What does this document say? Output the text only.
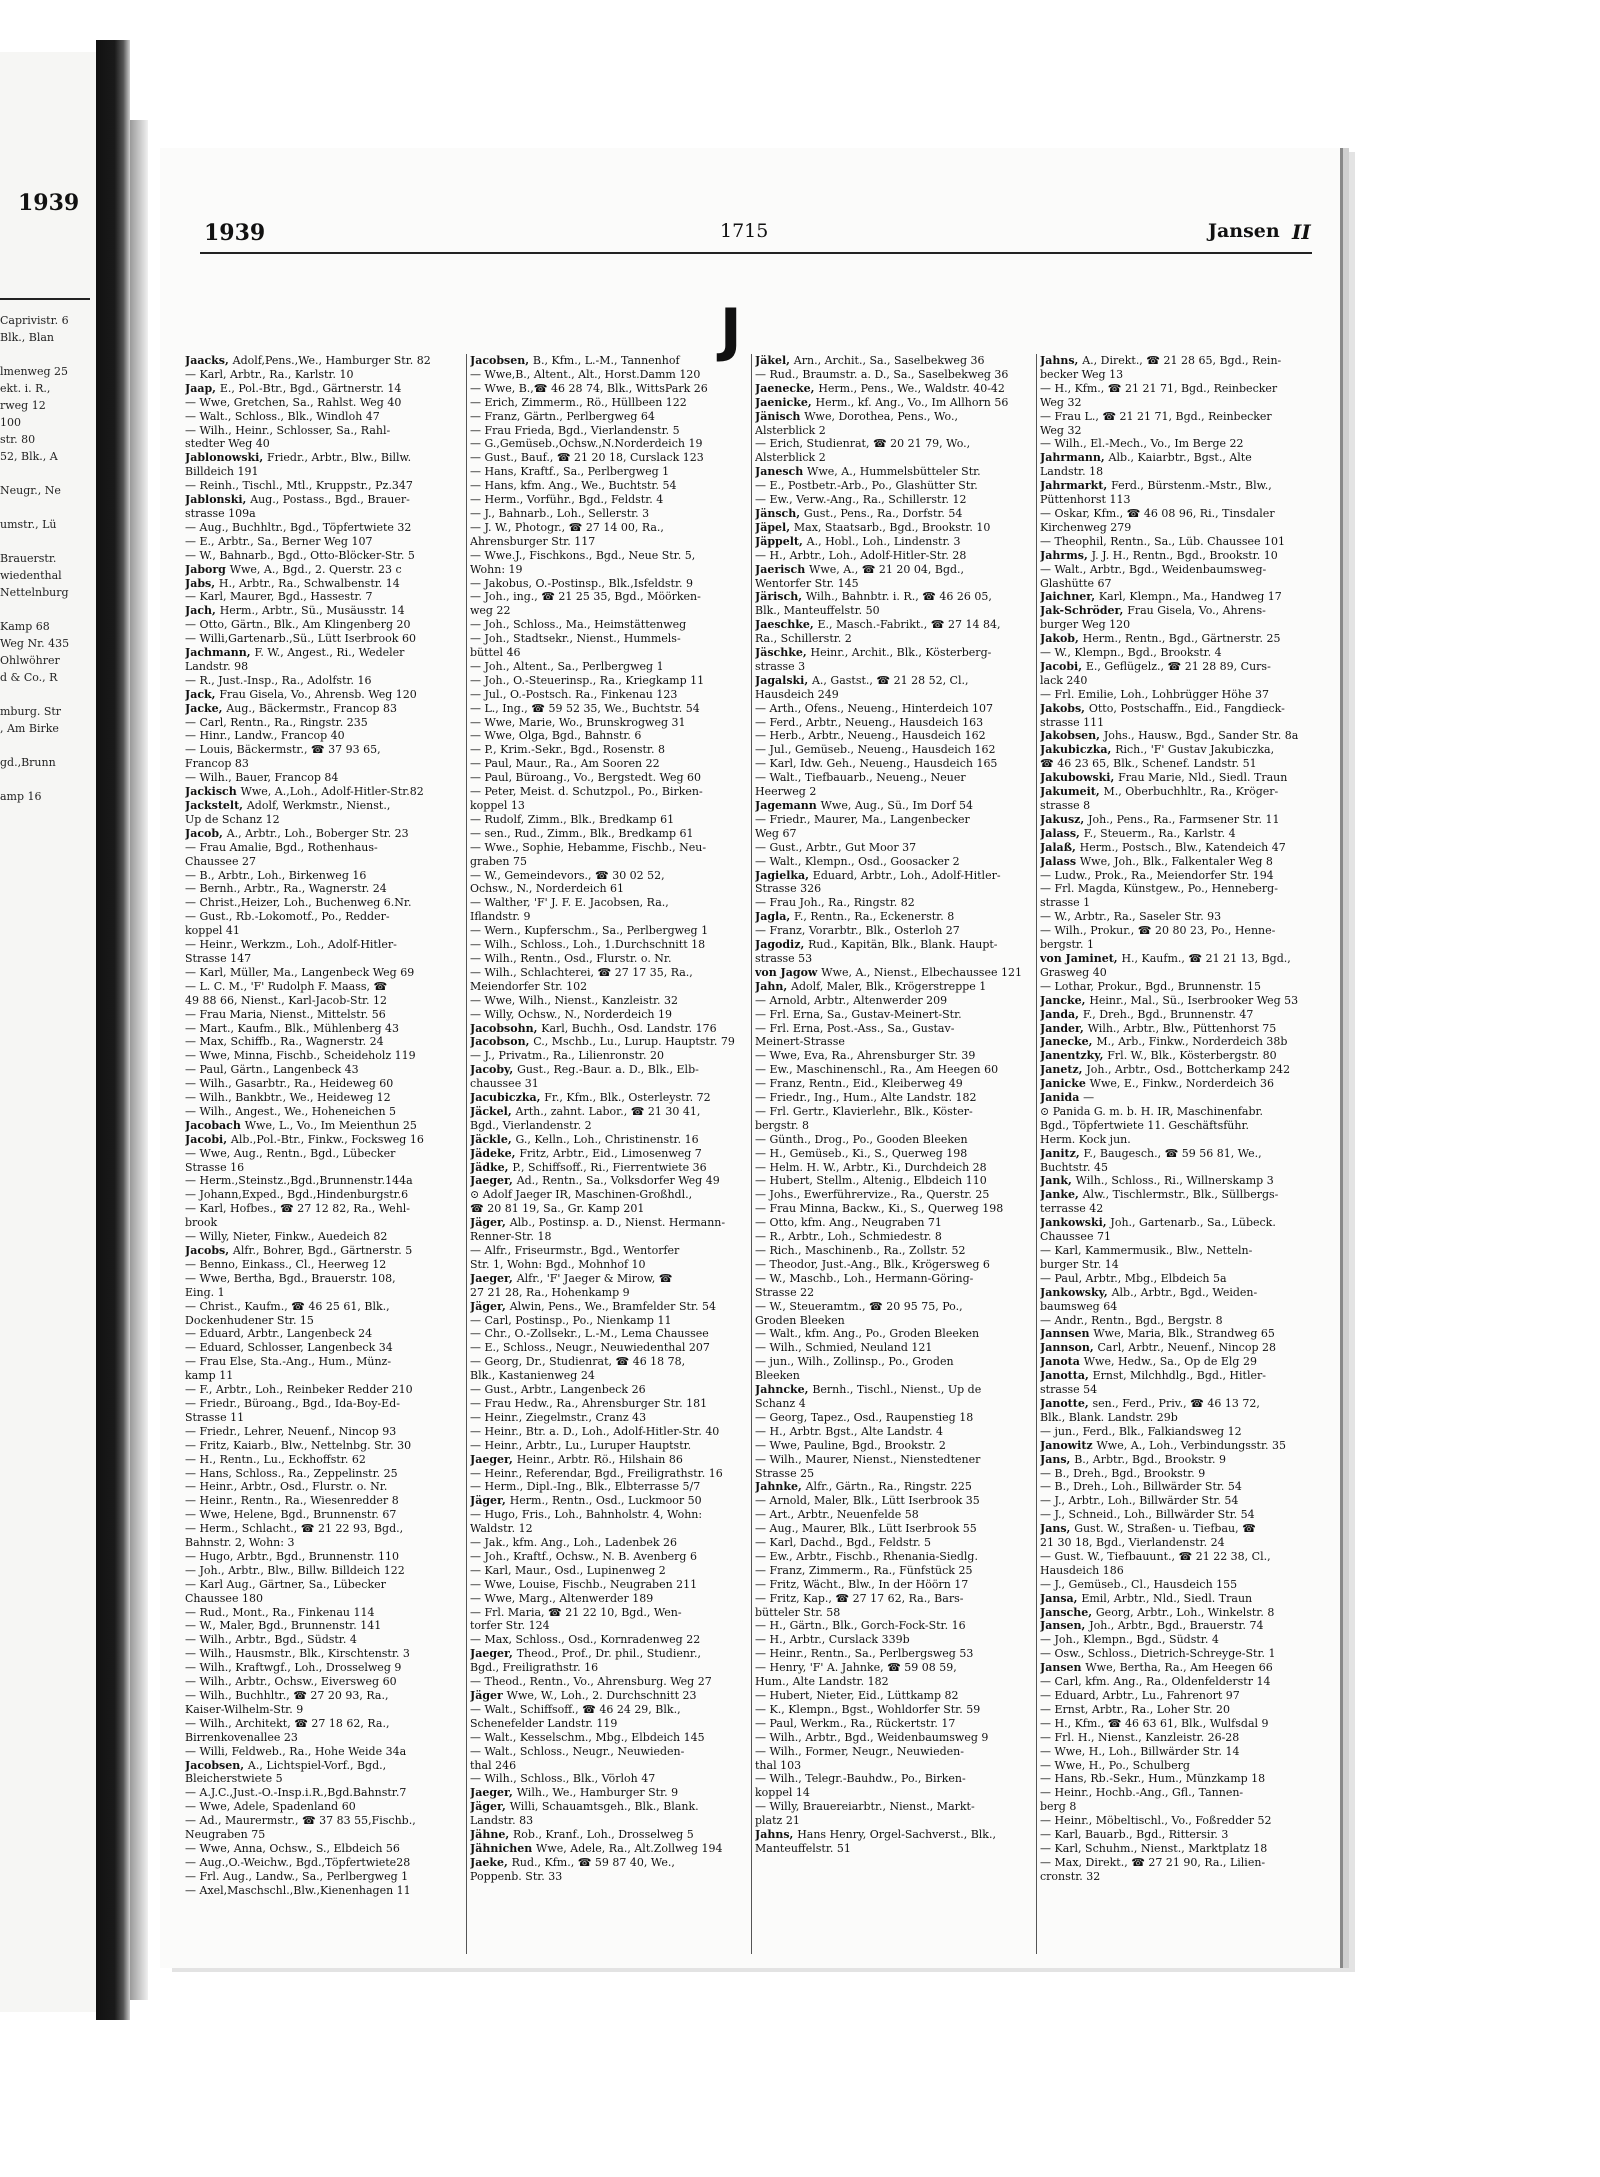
1939
Caprivistr. 6
Blk., Blan
lmenweg 25
ekt. i. R.,
rweg 12
100
str. 80
52, Blk., A
Neugr., Ne
umstr., Lü
Brauerstr.
wiedenthal
Nettelnburg
Kamp 68
Weg Nr. 435
Ohlwöhrer
d & Co., R
mburg. Str
, Am Birke
gd.,Brunn
amp 16
1939	1715	Jansen II
J
Jaacks, Adolf,Pens.,We., Hamburger Str. 82
— Karl, Arbtr., Ra., Karlstr. 10
Jaap, E., Pol.-Btr., Bgd., Gärtnerstr. 14
— Wwe, Gretchen, Sa., Rahlst. Weg 40
— Walt., Schloss., Blk., Windloh 47
— Wilh., Heinr., Schlosser, Sa., Rahl-
stedter Weg 40
Jablonowski, Friedr., Arbtr., Blw., Billw.
Billdeich 191
— Reinh., Tischl., Mtl., Kruppstr., Pz.347
Jablonski, Aug., Postass., Bgd., Brauer-
strasse 109a
— Aug., Buchhltr., Bgd., Töpfertwiete 32
— E., Arbtr., Sa., Berner Weg 107
— W., Bahnarb., Bgd., Otto-Blöcker-Str. 5
Jaborg Wwe, A., Bgd., 2. Querstr. 23 c
Jabs, H., Arbtr., Ra., Schwalbenstr. 14
— Karl, Maurer, Bgd., Hassestr. 7
Jach, Herm., Arbtr., Sü., Musäusstr. 14
— Otto, Gärtn., Blk., Am Klingenberg 20
— Willi,Gartenarb.,Sü., Lütt Iserbrook 60
Jachmann, F. W., Angest., Ri., Wedeler
Landstr. 98
— R., Just.-Insp., Ra., Adolfstr. 16
Jack, Frau Gisela, Vo., Ahrensb. Weg 120
Jacke, Aug., Bäckermstr., Francop 83
— Carl, Rentn., Ra., Ringstr. 235
— Hinr., Landw., Francop 40
— Louis, Bäckermstr., ☎ 37 93 65,
Francop 83
— Wilh., Bauer, Francop 84
Jackisch Wwe, A.,Loh., Adolf-Hitler-Str.82
Jackstelt, Adolf, Werkmstr., Nienst.,
Up de Schanz 12
Jacob, A., Arbtr., Loh., Boberger Str. 23
— Frau Amalie, Bgd., Rothenhaus-
Chaussee 27
— B., Arbtr., Loh., Birkenweg 16
— Bernh., Arbtr., Ra., Wagnerstr. 24
— Christ.,Heizer, Loh., Buchenweg 6.Nr.
— Gust., Rb.-Lokomotf., Po., Redder-
koppel 41
— Heinr., Werkzm., Loh., Adolf-Hitler-
Strasse 147
— Karl, Müller, Ma., Langenbeck Weg 69
— L. C. M., 'F' Rudolph F. Maass, ☎
49 88 66, Nienst., Karl-Jacob-Str. 12
— Frau Maria, Nienst., Mittelstr. 56
— Mart., Kaufm., Blk., Mühlenberg 43
— Max, Schiffb., Ra., Wagnerstr. 24
— Wwe, Minna, Fischb., Scheideholz 119
— Paul, Gärtn., Langenbeck 43
— Wilh., Gasarbtr., Ra., Heideweg 60
— Wilh., Bankbtr., We., Heideweg 12
— Wilh., Angest., We., Hoheneichen 5
Jacobach Wwe, L., Vo., Im Meienthun 25
Jacobi, Alb.,Pol.-Btr., Finkw., Focksweg 16
— Wwe, Aug., Rentn., Bgd., Lübecker
Strasse 16
— Herm.,Steinstz.,Bgd.,Brunnenstr.144a
— Johann,Exped., Bgd.,Hindenburgstr.6
— Karl, Hofbes., ☎ 27 12 82, Ra., Wehl-
brook
— Willy, Nieter, Finkw., Auedeich 82
Jacobs, Alfr., Bohrer, Bgd., Gärtnerstr. 5
— Benno, Einkass., Cl., Heerweg 12
— Wwe, Bertha, Bgd., Brauerstr. 108,
Eing. 1
— Christ., Kaufm., ☎ 46 25 61, Blk.,
Dockenhudener Str. 15
— Eduard, Arbtr., Langenbeck 24
— Eduard, Schlosser, Langenbeck 34
— Frau Else, Sta.-Ang., Hum., Münz-
kamp 11
— F., Arbtr., Loh., Reinbeker Redder 210
— Friedr., Büroang., Bgd., Ida-Boy-Ed-
Strasse 11
— Friedr., Lehrer, Neuenf., Nincop 93
— Fritz, Kaiarb., Blw., Nettelnbg. Str. 30
— H., Rentn., Lu., Eckhoffstr. 62
— Hans, Schloss., Ra., Zeppelinstr. 25
— Heinr., Arbtr., Osd., Flurstr. o. Nr.
— Heinr., Rentn., Ra., Wiesenredder 8
— Wwe, Helene, Bgd., Brunnenstr. 67
— Herm., Schlacht., ☎ 21 22 93, Bgd.,
Bahnstr. 2, Wohn: 3
— Hugo, Arbtr., Bgd., Brunnenstr. 110
— Joh., Arbtr., Blw., Billw. Billdeich 122
— Karl Aug., Gärtner, Sa., Lübecker
Chaussee 180
— Rud., Mont., Ra., Finkenau 114
— W., Maler, Bgd., Brunnenstr. 141
— Wilh., Arbtr., Bgd., Südstr. 4
— Wilh., Hausmstr., Blk., Kirschtenstr. 3
— Wilh., Kraftwgf., Loh., Drosselweg 9
— Wilh., Arbtr., Ochsw., Eiversweg 60
— Wilh., Buchhltr., ☎ 27 20 93, Ra.,
Kaiser-Wilhelm-Str. 9
— Wilh., Architekt, ☎ 27 18 62, Ra.,
Birrenkovenallee 23
— Willi, Feldweb., Ra., Hohe Weide 34a
Jacobsen, A., Lichtspiel-Vorf., Bgd.,
Bleicherstwiete 5
— A.J.C.,Just.-O.-Insp.i.R.,Bgd.Bahnstr.7
— Wwe, Adele, Spadenland 60
— Ad., Maurermstr., ☎ 37 83 55,Fischb.,
Neugraben 75
— Wwe, Anna, Ochsw., S., Elbdeich 56
— Aug.,O.-Weichw., Bgd.,Töpfertwiete28
— Frl. Aug., Landw., Sa., Perlbergweg 1
— Axel,Maschschl.,Blw.,Kienenhagen 11
Jacobsen, B., Kfm., L.-M., Tannenhof
— Wwe,B., Altent., Alt., Horst.Damm 120
— Wwe, B.,☎ 46 28 74, Blk., WittsPark 26
— Erich, Zimmerm., Rö., Hüllbeen 122
— Franz, Gärtn., Perlbergweg 64
— Frau Frieda, Bgd., Vierlandenstr. 5
— G.,Gemüseb.,Ochsw.,N.Norderdeich 19
— Gust., Bauf., ☎ 21 20 18, Curslack 123
— Hans, Kraftf., Sa., Perlbergweg 1
— Hans, kfm. Ang., We., Buchtstr. 54
— Herm., Vorführ., Bgd., Feldstr. 4
— J., Bahnarb., Loh., Sellerstr. 3
— J. W., Photogr., ☎ 27 14 00, Ra.,
Ahrensburger Str. 117
— Wwe.J., Fischkons., Bgd., Neue Str. 5,
Wohn: 19
— Jakobus, O.-Postinsp., Blk.,Isfeldstr. 9
— Joh., ing., ☎ 21 25 35, Bgd., Möörken-
weg 22
— Joh., Schloss., Ma., Heimstättenweg
— Joh., Stadtsekr., Nienst., Hummels-
büttel 46
— Joh., Altent., Sa., Perlbergweg 1
— Joh., O.-Steuerinsp., Ra., Kriegkamp 11
— Jul., O.-Postsch. Ra., Finkenau 123
— L., Ing., ☎ 59 52 35, We., Buchtstr. 54
— Wwe, Marie, Wo., Brunskrogweg 31
— Wwe, Olga, Bgd., Bahnstr. 6
— P., Krim.-Sekr., Bgd., Rosenstr. 8
— Paul, Maur., Ra., Am Sooren 22
— Paul, Büroang., Vo., Bergstedt. Weg 60
— Peter, Meist. d. Schutzpol., Po., Birken-
koppel 13
— Rudolf, Zimm., Blk., Bredkamp 61
— sen., Rud., Zimm., Blk., Bredkamp 61
— Wwe., Sophie, Hebamme, Fischb., Neu-
graben 75
— W., Gemeindevors., ☎ 30 02 52,
Ochsw., N., Norderdeich 61
— Walther, 'F' J. F. E. Jacobsen, Ra.,
Iflandstr. 9
— Wern., Kupferschm., Sa., Perlbergweg 1
— Wilh., Schloss., Loh., 1.Durchschnitt 18
— Wilh., Rentn., Osd., Flurstr. o. Nr.
— Wilh., Schlachterei, ☎ 27 17 35, Ra.,
Meiendorfer Str. 102
— Wwe, Wilh., Nienst., Kanzleistr. 32
— Willy, Ochsw., N., Norderdeich 19
Jacobsohn, Karl, Buchh., Osd. Landstr. 176
Jacobson, C., Mschb., Lu., Lurup. Hauptstr. 79
— J., Privatm., Ra., Lilienronstr. 20
Jacoby, Gust., Reg.-Baur. a. D., Blk., Elb-
chaussee 31
Jacubiczka, Fr., Kfm., Blk., Osterleystr. 72
Jäckel, Arth., zahnt. Labor., ☎ 21 30 41,
Bgd., Vierlandenstr. 2
Jäckle, G., Kelln., Loh., Christinenstr. 16
Jädeke, Fritz, Arbtr., Eid., Limosenweg 7
Jädke, P., Schiffsoff., Ri., Fierrentwiete 36
Jaeger, Ad., Rentn., Sa., Volksdorfer Weg 49
⊙ Adolf Jaeger IR, Maschinen-Großhdl.,
☎ 20 81 19, Sa., Gr. Kamp 201
Jäger, Alb., Postinsp. a. D., Nienst. Hermann-
Renner-Str. 18
— Alfr., Friseurmstr., Bgd., Wentorfer
Str. 1, Wohn: Bgd., Mohnhof 10
Jaeger, Alfr., 'F' Jaeger & Mirow, ☎
27 21 28, Ra., Hohenkamp 9
Jäger, Alwin, Pens., We., Bramfelder Str. 54
— Carl, Postinsp., Po., Nienkamp 11
— Chr., O.-Zollsekr., L.-M., Lema Chaussee
— E., Schloss., Neugr., Neuwiedenthal 207
— Georg, Dr., Studienrat, ☎ 46 18 78,
Blk., Kastanienweg 24
— Gust., Arbtr., Langenbeck 26
— Frau Hedw., Ra., Ahrensburger Str. 181
— Heinr., Ziegelmstr., Cranz 43
— Heinr., Btr. a. D., Loh., Adolf-Hitler-Str. 40
— Heinr., Arbtr., Lu., Luruper Hauptstr.
Jaeger, Heinr., Arbtr. Rö., Hilshain 86
— Heinr., Referendar, Bgd., Freiligrathstr. 16
— Herm., Dipl.-Ing., Blk., Elbterrasse 5/7
Jäger, Herm., Rentn., Osd., Luckmoor 50
— Hugo, Fris., Loh., Bahnholstr. 4, Wohn:
Waldstr. 12
— Jak., kfm. Ang., Loh., Ladenbek 26
— Joh., Kraftf., Ochsw., N. B. Avenberg 6
— Karl, Maur., Osd., Lupinenweg 2
— Wwe, Louise, Fischb., Neugraben 211
— Wwe, Marg., Altenwerder 189
— Frl. Maria, ☎ 21 22 10, Bgd., Wen-
torfer Str. 124
— Max, Schloss., Osd., Kornradenweg 22
Jaeger, Theod., Prof., Dr. phil., Studienr.,
Bgd., Freiligrathstr. 16
— Theod., Rentn., Vo., Ahrensburg. Weg 27
Jäger Wwe, W., Loh., 2. Durchschnitt 23
— Walt., Schiffsoff., ☎ 46 24 29, Blk.,
Schenefelder Landstr. 119
— Walt., Kesselschm., Mbg., Elbdeich 145
— Walt., Schloss., Neugr., Neuwieden-
thal 246
— Wilh., Schloss., Blk., Vörloh 47
Jaeger, Wilh., We., Hamburger Str. 9
Jäger, Willi, Schauamtsgeh., Blk., Blank.
Landstr. 83
Jähne, Rob., Kranf., Loh., Drosselweg 5
Jähnichen Wwe, Adele, Ra., Alt.Zollweg 194
Jaeke, Rud., Kfm., ☎ 59 87 40, We.,
Poppenb. Str. 33
Jäkel, Arn., Archit., Sa., Saselbekweg 36
— Rud., Braumstr. a. D., Sa., Saselbekweg 36
Jaenecke, Herm., Pens., We., Waldstr. 40-42
Jaenicke, Herm., kf. Ang., Vo., Im Allhorn 56
Jänisch Wwe, Dorothea, Pens., Wo.,
Alsterblick 2
— Erich, Studienrat, ☎ 20 21 79, Wo.,
Alsterblick 2
Janesch Wwe, A., Hummelsbütteler Str.
— E., Postbetr.-Arb., Po., Glashütter Str.
— Ew., Verw.-Ang., Ra., Schillerstr. 12
Jänsch, Gust., Pens., Ra., Dorfstr. 54
Jäpel, Max, Staatsarb., Bgd., Brookstr. 10
Jäppelt, A., Hobl., Loh., Lindenstr. 3
— H., Arbtr., Loh., Adolf-Hitler-Str. 28
Jaerisch Wwe, A., ☎ 21 20 04, Bgd.,
Wentorfer Str. 145
Järisch, Wilh., Bahnbtr. i. R., ☎ 46 26 05,
Blk., Manteuffelstr. 50
Jaeschke, E., Masch.-Fabrikt., ☎ 27 14 84,
Ra., Schillerstr. 2
Jäschke, Heinr., Archit., Blk., Kösterberg-
strasse 3
Jagalski, A., Gastst., ☎ 21 28 52, Cl.,
Hausdeich 249
— Arth., Ofens., Neueng., Hinterdeich 107
— Ferd., Arbtr., Neueng., Hausdeich 163
— Herb., Arbtr., Neueng., Hausdeich 162
— Jul., Gemüseb., Neueng., Hausdeich 162
— Karl, Idw. Geh., Neueng., Hausdeich 165
— Walt., Tiefbauarb., Neueng., Neuer
Heerweg 2
Jagemann Wwe, Aug., Sü., Im Dorf 54
— Friedr., Maurer, Ma., Langenbecker
Weg 67
— Gust., Arbtr., Gut Moor 37
— Walt., Klempn., Osd., Goosacker 2
Jagielka, Eduard, Arbtr., Loh., Adolf-Hitler-
Strasse 326
— Frau Joh., Ra., Ringstr. 82
Jagla, F., Rentn., Ra., Eckenerstr. 8
— Franz, Vorarbtr., Blk., Osterloh 27
Jagodiz, Rud., Kapitän, Blk., Blank. Haupt-
strasse 53
von Jagow Wwe, A., Nienst., Elbechaussee 121
Jahn, Adolf, Maler, Blk., Krögerstreppe 1
— Arnold, Arbtr., Altenwerder 209
— Frl. Erna, Sa., Gustav-Meinert-Str.
— Frl. Erna, Post.-Ass., Sa., Gustav-
Meinert-Strasse
— Wwe, Eva, Ra., Ahrensburger Str. 39
— Ew., Maschinenschl., Ra., Am Heegen 60
— Franz, Rentn., Eid., Kleiberweg 49
— Friedr., Ing., Hum., Alte Landstr. 182
— Frl. Gertr., Klavierlehr., Blk., Köster-
bergstr. 8
— Günth., Drog., Po., Gooden Bleeken
— H., Gemüseb., Ki., S., Querweg 198
— Helm. H. W., Arbtr., Ki., Durchdeich 28
— Hubert, Stellm., Altenig., Elbdeich 110
— Johs., Ewerführervize., Ra., Querstr. 25
— Frau Minna, Backw., Ki., S., Querweg 198
— Otto, kfm. Ang., Neugraben 71
— R., Arbtr., Loh., Schmiedestr. 8
— Rich., Maschinenb., Ra., Zollstr. 52
— Theodor, Just.-Ang., Blk., Krögersweg 6
— W., Maschb., Loh., Hermann-Göring-
Strasse 22
— W., Steueramtm., ☎ 20 95 75, Po.,
Groden Bleeken
— Walt., kfm. Ang., Po., Groden Bleeken
— Wilh., Schmied, Neuland 121
— jun., Wilh., Zollinsp., Po., Groden
Bleeken
Jahncke, Bernh., Tischl., Nienst., Up de
Schanz 4
— Georg, Tapez., Osd., Raupenstieg 18
— H., Arbtr. Bgst., Alte Landstr. 4
— Wwe, Pauline, Bgd., Brookstr. 2
— Wilh., Maurer, Nienst., Nienstedtener
Strasse 25
Jahnke, Alfr., Gärtn., Ra., Ringstr. 225
— Arnold, Maler, Blk., Lütt Iserbrook 35
— Art., Arbtr., Neuenfelde 58
— Aug., Maurer, Blk., Lütt Iserbrook 55
— Karl, Dachd., Bgd., Feldstr. 5
— Ew., Arbtr., Fischb., Rhenania-Siedlg.
— Franz, Zimmerm., Ra., Fünfstück 25
— Fritz, Wächt., Blw., In der Höörn 17
— Fritz, Kap., ☎ 27 17 62, Ra., Bars-
bütteler Str. 58
— H., Gärtn., Blk., Gorch-Fock-Str. 16
— H., Arbtr., Curslack 339b
— Heinr., Rentn., Sa., Perlbergsweg 53
— Henry, 'F' A. Jahnke, ☎ 59 08 59,
Hum., Alte Landstr. 182
— Hubert, Nieter, Eid., Lüttkamp 82
— K., Klempn., Bgst., Wohldorfer Str. 59
— Paul, Werkm., Ra., Rückertstr. 17
— Wilh., Arbtr., Bgd., Weidenbaumsweg 9
— Wilh., Former, Neugr., Neuwieden-
thal 103
— Wilh., Telegr.-Bauhdw., Po., Birken-
koppel 14
— Willy, Brauereiarbtr., Nienst., Markt-
platz 21
Jahns, Hans Henry, Orgel-Sachverst., Blk.,
Manteuffelstr. 51
Jahns, A., Direkt., ☎ 21 28 65, Bgd., Rein-
becker Weg 13
— H., Kfm., ☎ 21 21 71, Bgd., Reinbecker
Weg 32
— Frau L., ☎ 21 21 71, Bgd., Reinbecker
Weg 32
— Wilh., El.-Mech., Vo., Im Berge 22
Jahrmann, Alb., Kaiarbtr., Bgst., Alte
Landstr. 18
Jahrmarkt, Ferd., Bürstenm.-Mstr., Blw.,
Püttenhorst 113
— Oskar, Kfm., ☎ 46 08 96, Ri., Tinsdaler
Kirchenweg 279
— Theophil, Rentn., Sa., Lüb. Chaussee 101
Jahrms, J. J. H., Rentn., Bgd., Brookstr. 10
— Walt., Arbtr., Bgd., Weidenbaumsweg-
Glashütte 67
Jaichner, Karl, Klempn., Ma., Handweg 17
Jak-Schröder, Frau Gisela, Vo., Ahrens-
burger Weg 120
Jakob, Herm., Rentn., Bgd., Gärtnerstr. 25
— W., Klempn., Bgd., Brookstr. 4
Jacobi, E., Geflügelz., ☎ 21 28 89, Curs-
lack 240
— Frl. Emilie, Loh., Lohbrügger Höhe 37
Jakobs, Otto, Postschaffn., Eid., Fangdieck-
strasse 111
Jakobsen, Johs., Hausw., Bgd., Sander Str. 8a
Jakubiczka, Rich., 'F' Gustav Jakubiczka,
☎ 46 23 65, Blk., Schenef. Landstr. 51
Jakubowski, Frau Marie, Nld., Siedl. Traun
Jakumeit, M., Oberbuchhltr., Ra., Kröger-
strasse 8
Jakusz, Joh., Pens., Ra., Farmsener Str. 11
Jalass, F., Steuerm., Ra., Karlstr. 4
Jalaß, Herm., Postsch., Blw., Katendeich 47
Jalass Wwe, Joh., Blk., Falkentaler Weg 8
— Ludw., Prok., Ra., Meiendorfer Str. 194
— Frl. Magda, Künstgew., Po., Henneberg-
strasse 1
— W., Arbtr., Ra., Saseler Str. 93
— Wilh., Prokur., ☎ 20 80 23, Po., Henne-
bergstr. 1
von Jaminet, H., Kaufm., ☎ 21 21 13, Bgd.,
Grasweg 40
— Lothar, Prokur., Bgd., Brunnenstr. 15
Jancke, Heinr., Mal., Sü., Iserbrooker Weg 53
Janda, F., Dreh., Bgd., Brunnenstr. 47
Jander, Wilh., Arbtr., Blw., Püttenhorst 75
Janecke, M., Arb., Finkw., Norderdeich 38b
Janentzky, Frl. W., Blk., Kösterbergstr. 80
Janetz, Joh., Arbtr., Osd., Bottcherkamp 242
Janicke Wwe, E., Finkw., Norderdeich 36
Janida —
⊙ Panida G. m. b. H. IR, Maschinenfabr.
Bgd., Töpfertwiete 11. Geschäftsführ.
Herm. Kock jun.
Janitz, F., Baugesch., ☎ 59 56 81, We.,
Buchtstr. 45
Jank, Wilh., Schloss., Ri., Willnerskamp 3
Janke, Alw., Tischlermstr., Blk., Süllbergs-
terrasse 42
Jankowski, Joh., Gartenarb., Sa., Lübeck.
Chaussee 71
— Karl, Kammermusik., Blw., Netteln-
burger Str. 14
— Paul, Arbtr., Mbg., Elbdeich 5a
Jankowsky, Alb., Arbtr., Bgd., Weiden-
baumsweg 64
— Andr., Rentn., Bgd., Bergstr. 8
Jannsen Wwe, Maria, Blk., Strandweg 65
Jannson, Carl, Arbtr., Neuenf., Nincop 28
Janota Wwe, Hedw., Sa., Op de Elg 29
Janotta, Ernst, Milchhdlg., Bgd., Hitler-
strasse 54
Janotte, sen., Ferd., Priv., ☎ 46 13 72,
Blk., Blank. Landstr. 29b
— jun., Ferd., Blk., Falkiandsweg 12
Janowitz Wwe, A., Loh., Verbindungsstr. 35
Jans, B., Arbtr., Bgd., Brookstr. 9
— B., Dreh., Bgd., Brookstr. 9
— B., Dreh., Loh., Billwärder Str. 54
— J., Arbtr., Loh., Billwärder Str. 54
— J., Schneid., Loh., Billwärder Str. 54
Jans, Gust. W., Straßen- u. Tiefbau, ☎
21 30 18, Bgd., Vierlandenstr. 24
— Gust. W., Tiefbauunt., ☎ 21 22 38, Cl.,
Hausdeich 186
— J., Gemüseb., Cl., Hausdeich 155
Jansa, Emil, Arbtr., Nld., Siedl. Traun
Jansche, Georg, Arbtr., Loh., Winkelstr. 8
Jansen, Joh., Arbtr., Bgd., Brauerstr. 74
— Joh., Klempn., Bgd., Südstr. 4
— Osw., Schloss., Dietrich-Schreyge-Str. 1
Jansen Wwe, Bertha, Ra., Am Heegen 66
— Carl, kfm. Ang., Ra., Oldenfelderstr 14
— Eduard, Arbtr., Lu., Fahrenort 97
— Ernst, Arbtr., Ra., Loher Str. 20
— H., Kfm., ☎ 46 63 61, Blk., Wulfsdal 9
— Frl. H., Nienst., Kanzleistr. 26-28
— Wwe, H., Loh., Billwärder Str. 14
— Wwe, H., Po., Schulberg
— Hans, Rb.-Sekr., Hum., Münzkamp 18
— Heinr., Hochb.-Ang., Gfl., Tannen-
berg 8
— Heinr., Möbeltischl., Vo., Foßredder 52
— Karl, Bauarb., Bgd., Rittersir. 3
— Karl, Schuhm., Nienst., Marktplatz 18
— Max, Direkt., ☎ 27 21 90, Ra., Lilien-
cronstr. 32
